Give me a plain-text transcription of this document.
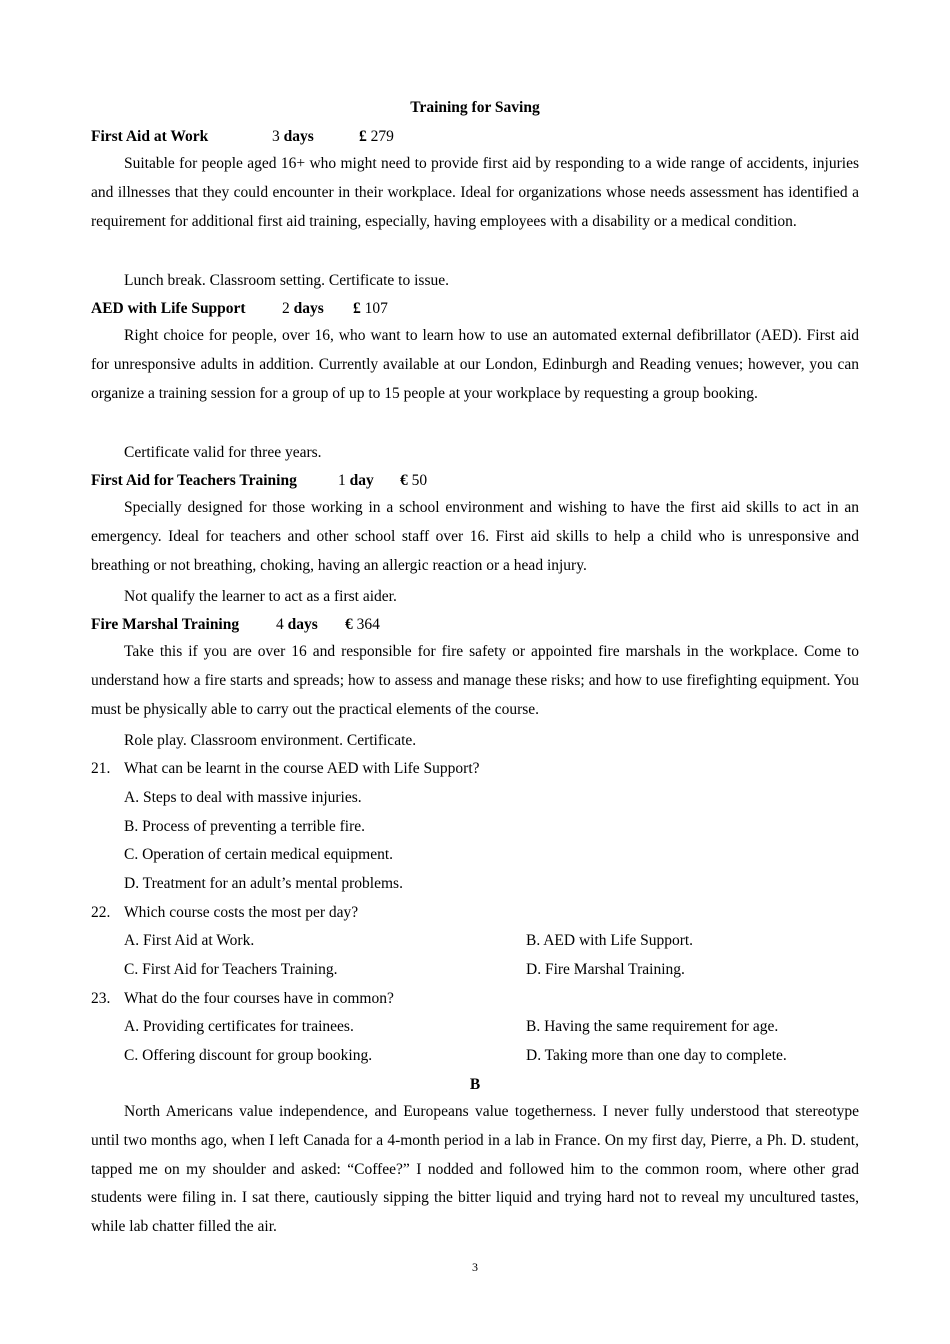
Training for Saving
First Aid at Work	3 days	£ 279
Suitable for people aged 16+ who might need to provide first aid by responding to a wide range of accidents, injuries and illnesses that they could encounter in their workplace. Ideal for organizations whose needs assessment has identified a requirement for additional first aid training, especially, having employees with a disability or a medical condition.
Lunch break. Classroom setting. Certificate to issue.
AED with Life Support 2 days £ 107
Right choice for people, over 16, who want to learn how to use an automated external defibrillator (AED). First aid for unresponsive adults in addition. Currently available at our London, Edinburgh and Reading venues; however, you can organize a training session for a group of up to 15 people at your workplace by requesting a group booking.
Certificate valid for three years.
First Aid for Teachers Training	1 day € 50
Specially designed for those working in a school environment and wishing to have the first aid skills to act in an emergency. Ideal for teachers and other school staff over 16. First aid skills to help a child who is unresponsive and breathing or not breathing, choking, having an allergic reaction or a head injury.
Not qualify the learner to act as a first aider.
Fire Marshal Training 4 days € 364
Take this if you are over 16 and responsible for fire safety or appointed fire marshals in the workplace. Come to understand how a fire starts and spreads; how to assess and manage these risks; and how to use firefighting equipment. You must be physically able to carry out the practical elements of the course.
Role play. Classroom environment. Certificate.
21. What can be learnt in the course AED with Life Support?
A. Steps to deal with massive injuries.
B. Process of preventing a terrible fire.
C. Operation of certain medical equipment.
D. Treatment for an adult’s mental problems.
22. Which course costs the most per day?
A. First Aid at Work.	B. AED with Life Support.
C. First Aid for Teachers Training.	D. Fire Marshal Training.
23. What do the four courses have in common?
A. Providing certificates for trainees.	B. Having the same requirement for age.
C. Offering discount for group booking.	D. Taking more than one day to complete.
B
North Americans value independence, and Europeans value togetherness. I never fully understood that stereotype until two months ago, when I left Canada for a 4-month period in a lab in France. On my first day, Pierre, a Ph. D. student, tapped me on my shoulder and asked: “Coffee?” I nodded and followed him to the common room, where other grad students were filing in. I sat there, cautiously sipping the bitter liquid and trying hard not to reveal my uncultured tastes, while lab chatter filled the air.
3
